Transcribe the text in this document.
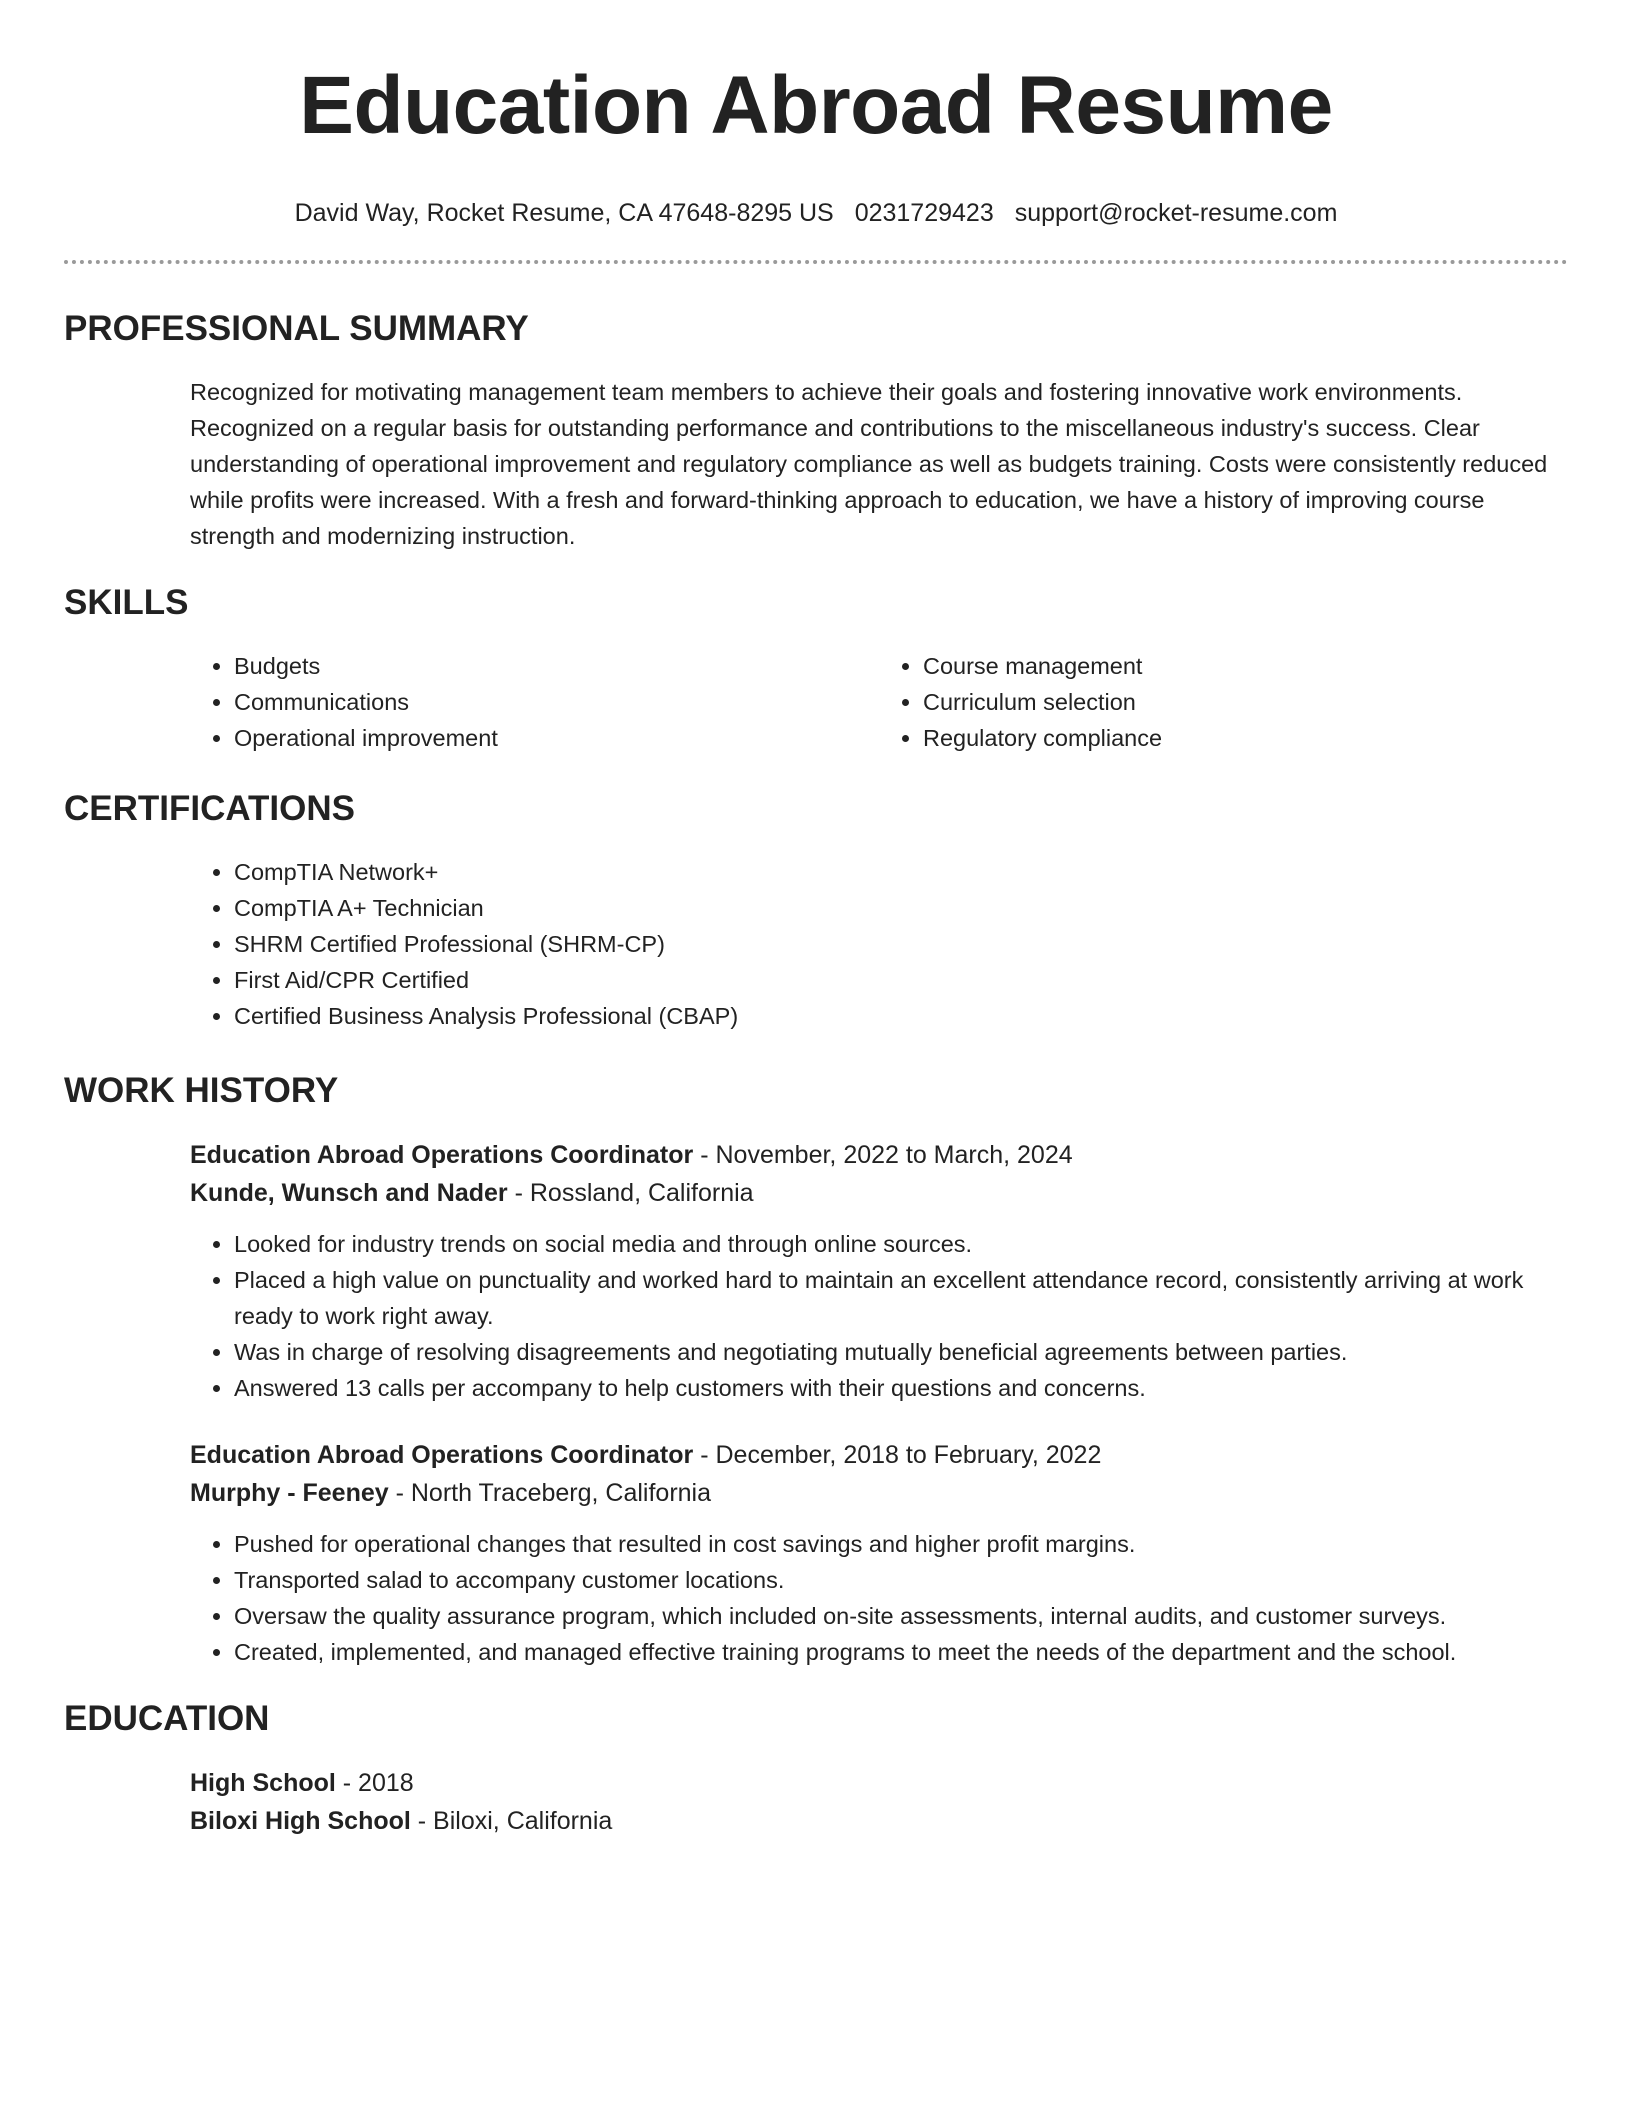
Education Abroad Resume
David Way, Rocket Resume, CA 47648-8295 US 0231729423 support@rocket-resume.com
PROFESSIONAL SUMMARY
Recognized for motivating management team members to achieve their goals and fostering innovative work environments. Recognized on a regular basis for outstanding performance and contributions to the miscellaneous industry's success. Clear understanding of operational improvement and regulatory compliance as well as budgets training. Costs were consistently reduced while profits were increased. With a fresh and forward-thinking approach to education, we have a history of improving course strength and modernizing instruction.
SKILLS
• Budgets
• Communications
• Operational improvement
• Course management
• Curriculum selection
• Regulatory compliance
CERTIFICATIONS
• CompTIA Network+
• CompTIA A+ Technician
• SHRM Certified Professional (SHRM-CP)
• First Aid/CPR Certified
• Certified Business Analysis Professional (CBAP)
WORK HISTORY
Education Abroad Operations Coordinator - November, 2022 to March, 2024
Kunde, Wunsch and Nader - Rossland, California
• Looked for industry trends on social media and through online sources.
• Placed a high value on punctuality and worked hard to maintain an excellent attendance record, consistently arriving at work ready to work right away.
• Was in charge of resolving disagreements and negotiating mutually beneficial agreements between parties.
• Answered 13 calls per accompany to help customers with their questions and concerns.
Education Abroad Operations Coordinator - December, 2018 to February, 2022
Murphy - Feeney - North Traceberg, California
• Pushed for operational changes that resulted in cost savings and higher profit margins.
• Transported salad to accompany customer locations.
• Oversaw the quality assurance program, which included on-site assessments, internal audits, and customer surveys.
• Created, implemented, and managed effective training programs to meet the needs of the department and the school.
EDUCATION
High School - 2018
Biloxi High School - Biloxi, California
